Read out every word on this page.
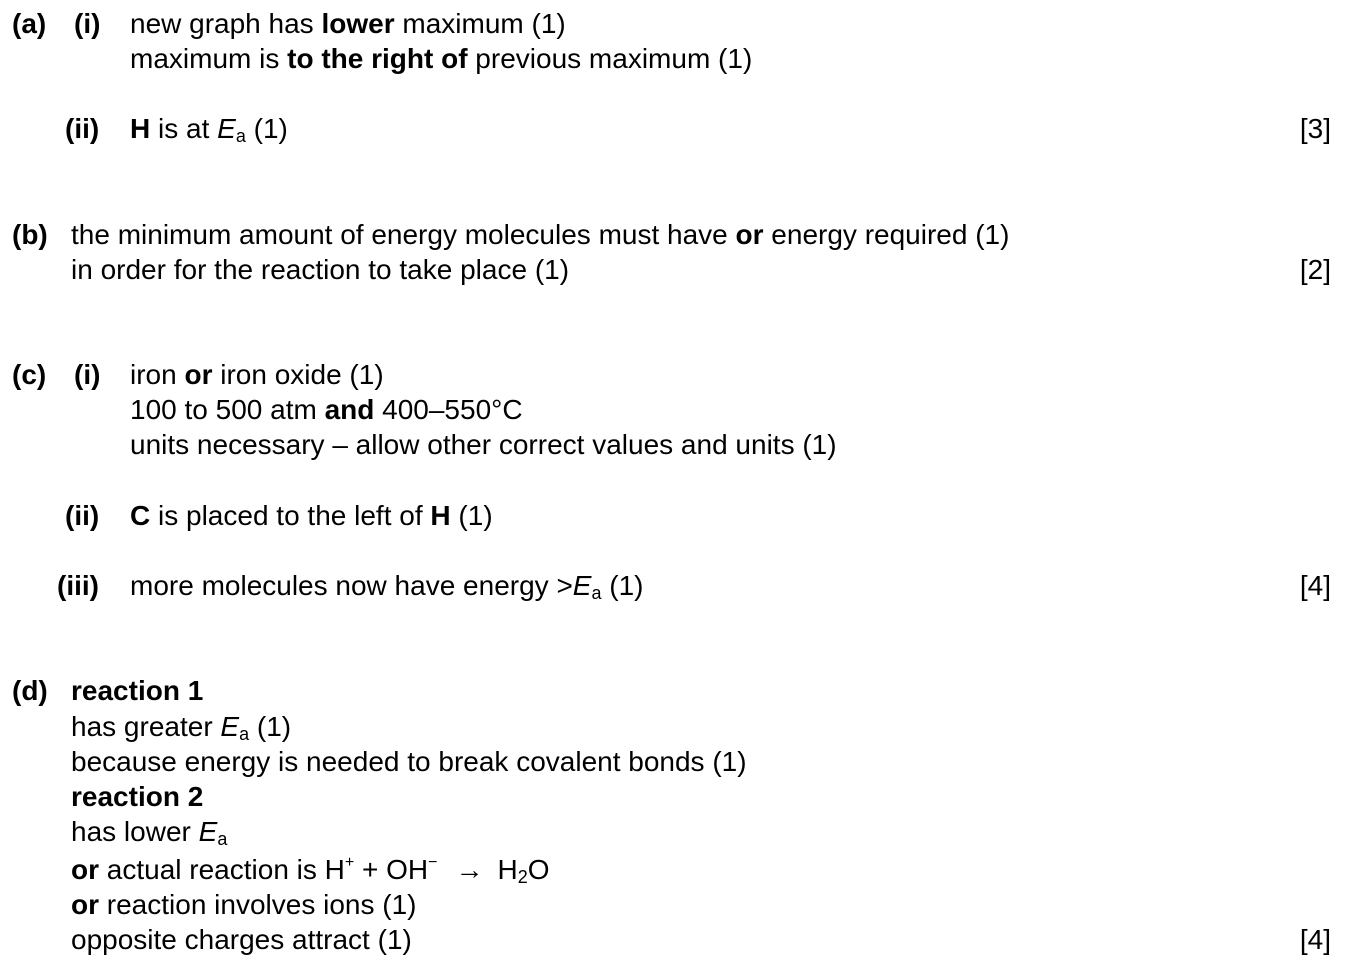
(a) (i) new graph has lower maximum (1)
maximum is to the right of previous maximum (1)
(ii) H is at $E_a$ (1)	[3]
(b) the minimum amount of energy molecules must have or energy required (1)
in order for the reaction to take place (1)	[2]
(c) (i) iron or iron oxide (1)
100 to 500 atm and 400–550°C
units necessary – allow other correct values and units (1)
(ii) C is placed to the left of H (1)
(iii) more molecules now have energy $>E_a$ (1)	[4]
(d) reaction 1
has greater $E_a$ (1)
because energy is needed to break covalent bonds (1)
reaction 2
has lower $E_a$
or actual reaction is $H^+ + OH^- \to H_2O$
or reaction involves ions (1)
opposite charges attract (1)	[4]
